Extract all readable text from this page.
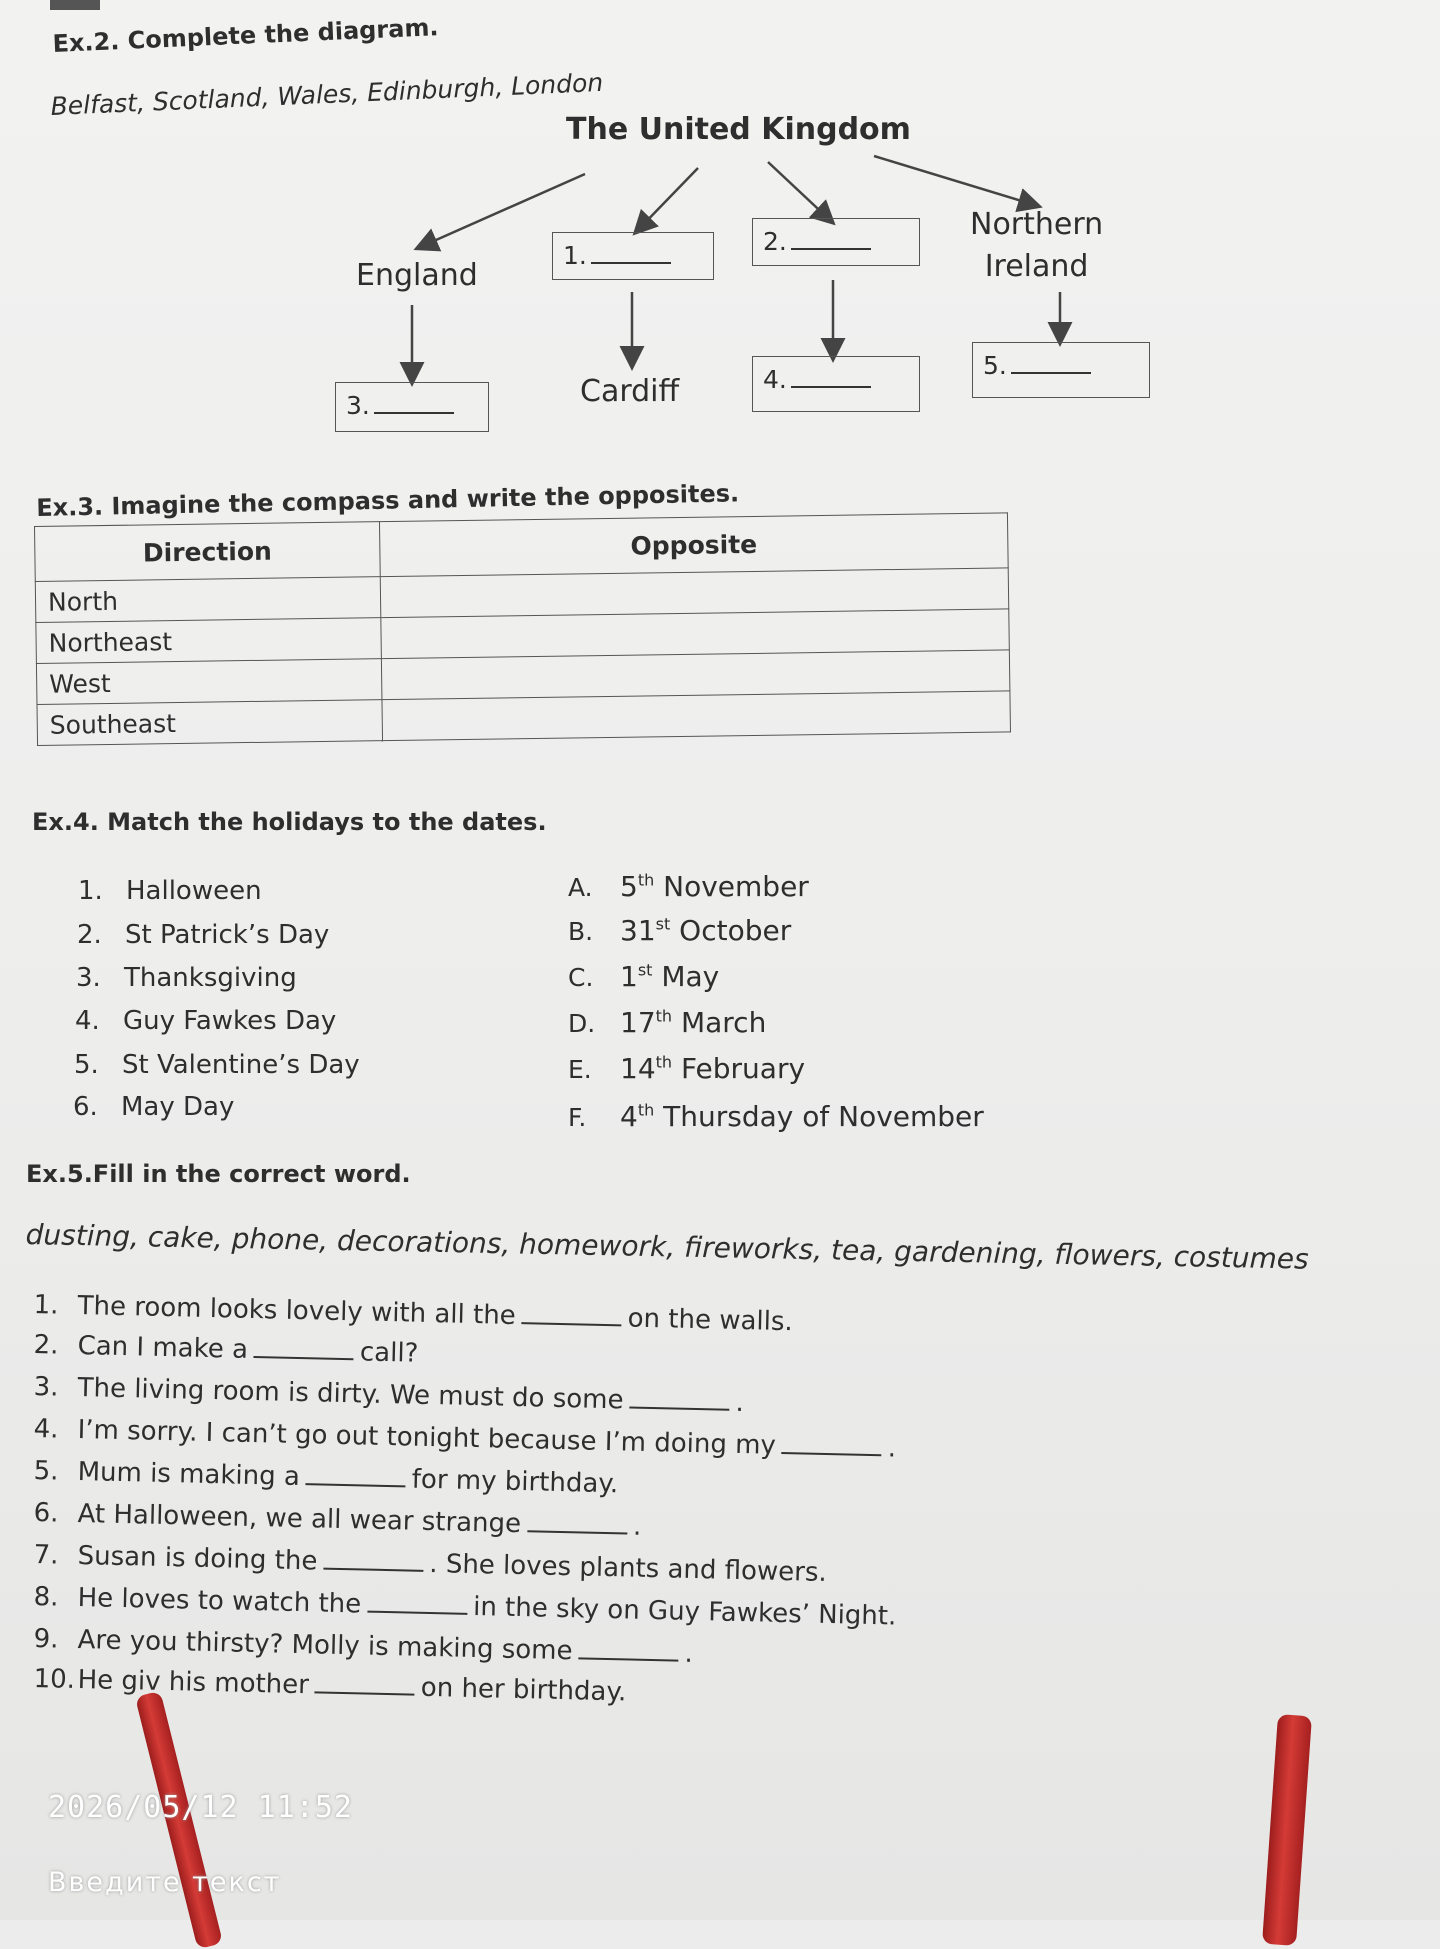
Ex.2. Complete the diagram.
Belfast, Scotland, Wales, Edinburgh, London
The United Kingdom
England
1.	2.	Northern
Ireland
3.	Cardiff	4.	5.
Ex.3. Imagine the compass and write the opposites.
Direction	Opposite
North	
Northeast	
West	
Southeast	
Ex.4. Match the holidays to the dates.
1. Halloween
2. St Patrick’s Day
3. Thanksgiving
4. Guy Fawkes Day
5. St Valentine’s Day
6. May Day
A. 5th November
B. 31st October
C. 1st May
D. 17th March
E. 14th February
F. 4th Thursday of November
Ex.5.Fill in the correct word.
dusting, cake, phone, decorations, homework, fireworks, tea, gardening, flowers, costumes
1. The room looks lovely with all the	on the walls.
2. Can I make a	call?
3. The living room is dirty. We must do some	.
4. I’m sorry. I can’t go out tonight because I’m doing my	.
5. Mum is making a	for my birthday.
6. At Halloween, we all wear strange	.
7. Susan is doing the	. She loves plants and flowers.
8. He loves to watch the	in the sky on Guy Fawkes’ Night.
9. Are you thirsty? Molly is making some	.
10.He giv his mother	on her birthday.
2026/05/12 11:52
Введите текст
